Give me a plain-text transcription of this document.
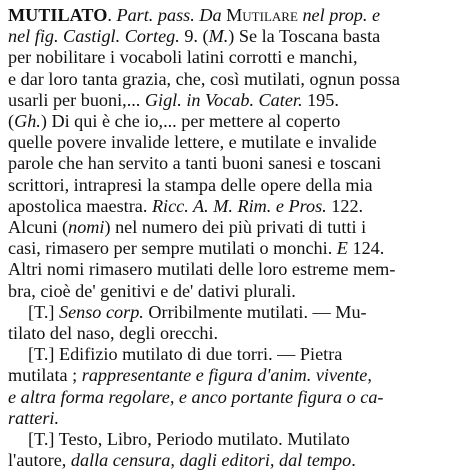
MUTILATO. Part. pass. Da Mutilare nel prop. e
nel fig. Castigl. Corteg. 9. (M.) Se la Toscana basta
per nobilitare i vocaboli latini corrotti e manchi,
e dar loro tanta grazia, che, così mutilati, ognun possa
usarli per buoni,... Gigl. in Vocab. Cater. 195.
(Gh.) Di qui è che io,... per mettere al coperto
quelle povere invalide lettere, e mutilate e invalide
parole che han servito a tanti buoni sanesi e toscani
scrittori, intrapresi la stampa delle opere della mia
apostolica maestra. Ricc. A. M. Rim. e Pros. 122.
Alcuni (nomi) nel numero dei più privati di tutti i
casi, rimasero per sempre mutilati o monchi. E 124.
Altri nomi rimasero mutilati delle loro estreme mem-
bra, cioè de' genitivi e de' dativi plurali.
[T.] Senso corp. Orribilmente mutilati. — Mu-
tilato del naso, degli orecchi.
[T.] Edifizio mutilato di due torri. — Pietra
mutilata ; rappresentante e figura d'anim. vivente,
e altra forma regolare, e anco portante figura o ca-
ratteri.
[T.] Testo, Libro, Periodo mutilato. Mutilato
l'autore, dalla censura, dagli editori, dal tempo.
